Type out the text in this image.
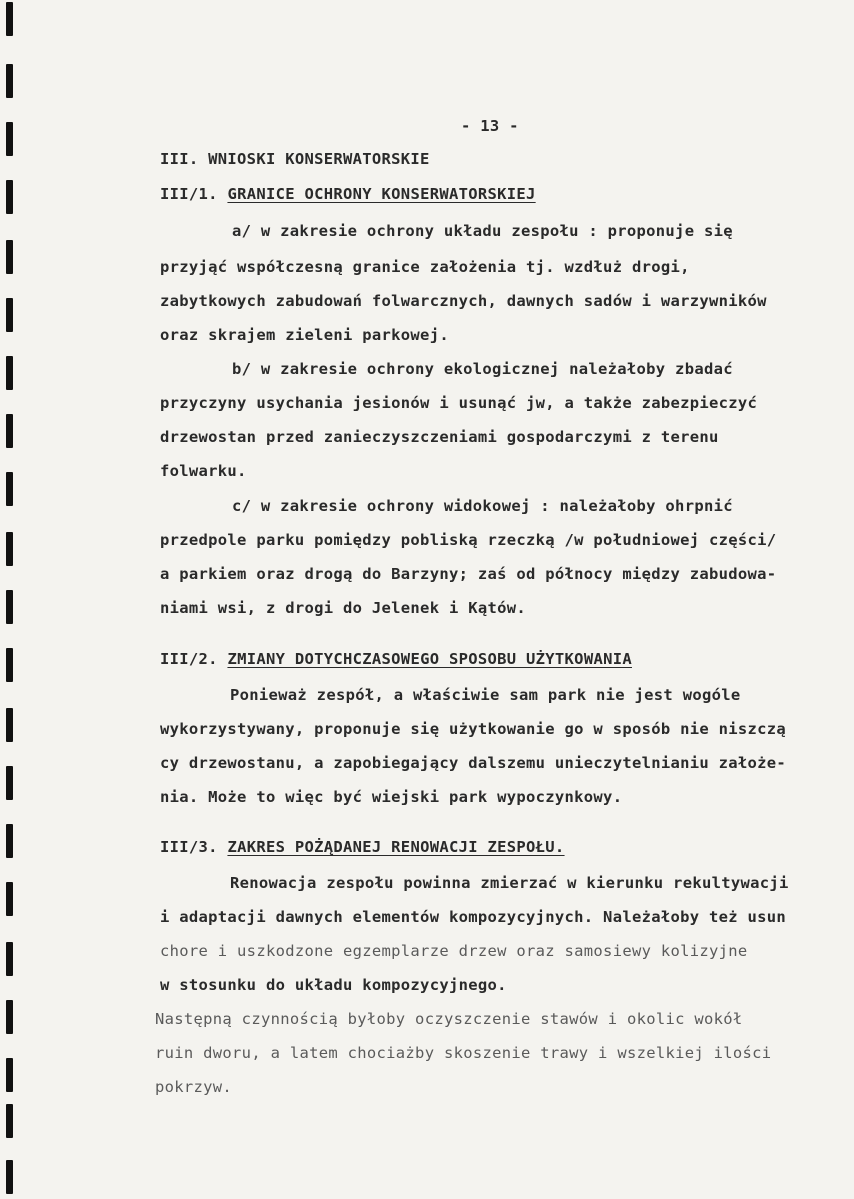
- 13 -
III. WNIOSKI KONSERWATORSKIE
III/1. GRANICE OCHRONY KONSERWATORSKIEJ
a/ w zakresie ochrony układu zespołu : proponuje się
przyjąć współczesną granice założenia tj. wzdłuż drogi,
zabytkowych zabudowań folwarcznych, dawnych sadów i warzywników
oraz skrajem zieleni parkowej.
b/ w zakresie ochrony ekologicznej należałoby zbadać
przyczyny usychania jesionów i usunąć jw, a także zabezpieczyć
drzewostan przed zanieczyszczeniami gospodarczymi z terenu
folwarku.
c/ w zakresie ochrony widokowej : należałoby ohrpnić
przedpole parku pomiędzy pobliską rzeczką /w południowej części/
a parkiem oraz drogą do Barzyny; zaś od północy między zabudowa-
niami wsi, z drogi do Jelenek i Kątów.
III/2. ZMIANY DOTYCHCZASOWEGO SPOSOBU UŻYTKOWANIA
Ponieważ zespół, a właściwie sam park nie jest wogóle
wykorzystywany, proponuje się użytkowanie go w sposób nie niszczą
cy drzewostanu, a zapobiegający dalszemu unieczytelnianiu założe-
nia. Może to więc być wiejski park wypoczynkowy.
III/3. ZAKRES POŻĄDANEJ RENOWACJI ZESPOŁU.
Renowacja zespołu powinna zmierzać w kierunku rekultywacji
i adaptacji dawnych elementów kompozycyjnych. Należałoby też usun
chore i uszkodzone egzemplarze drzew oraz samosiewy kolizyjne
w stosunku do układu kompozycyjnego.
Następną czynnością byłoby oczyszczenie stawów i okolic wokół
ruin dworu, a latem chociażby skoszenie trawy i wszelkiej ilości
pokrzyw.
